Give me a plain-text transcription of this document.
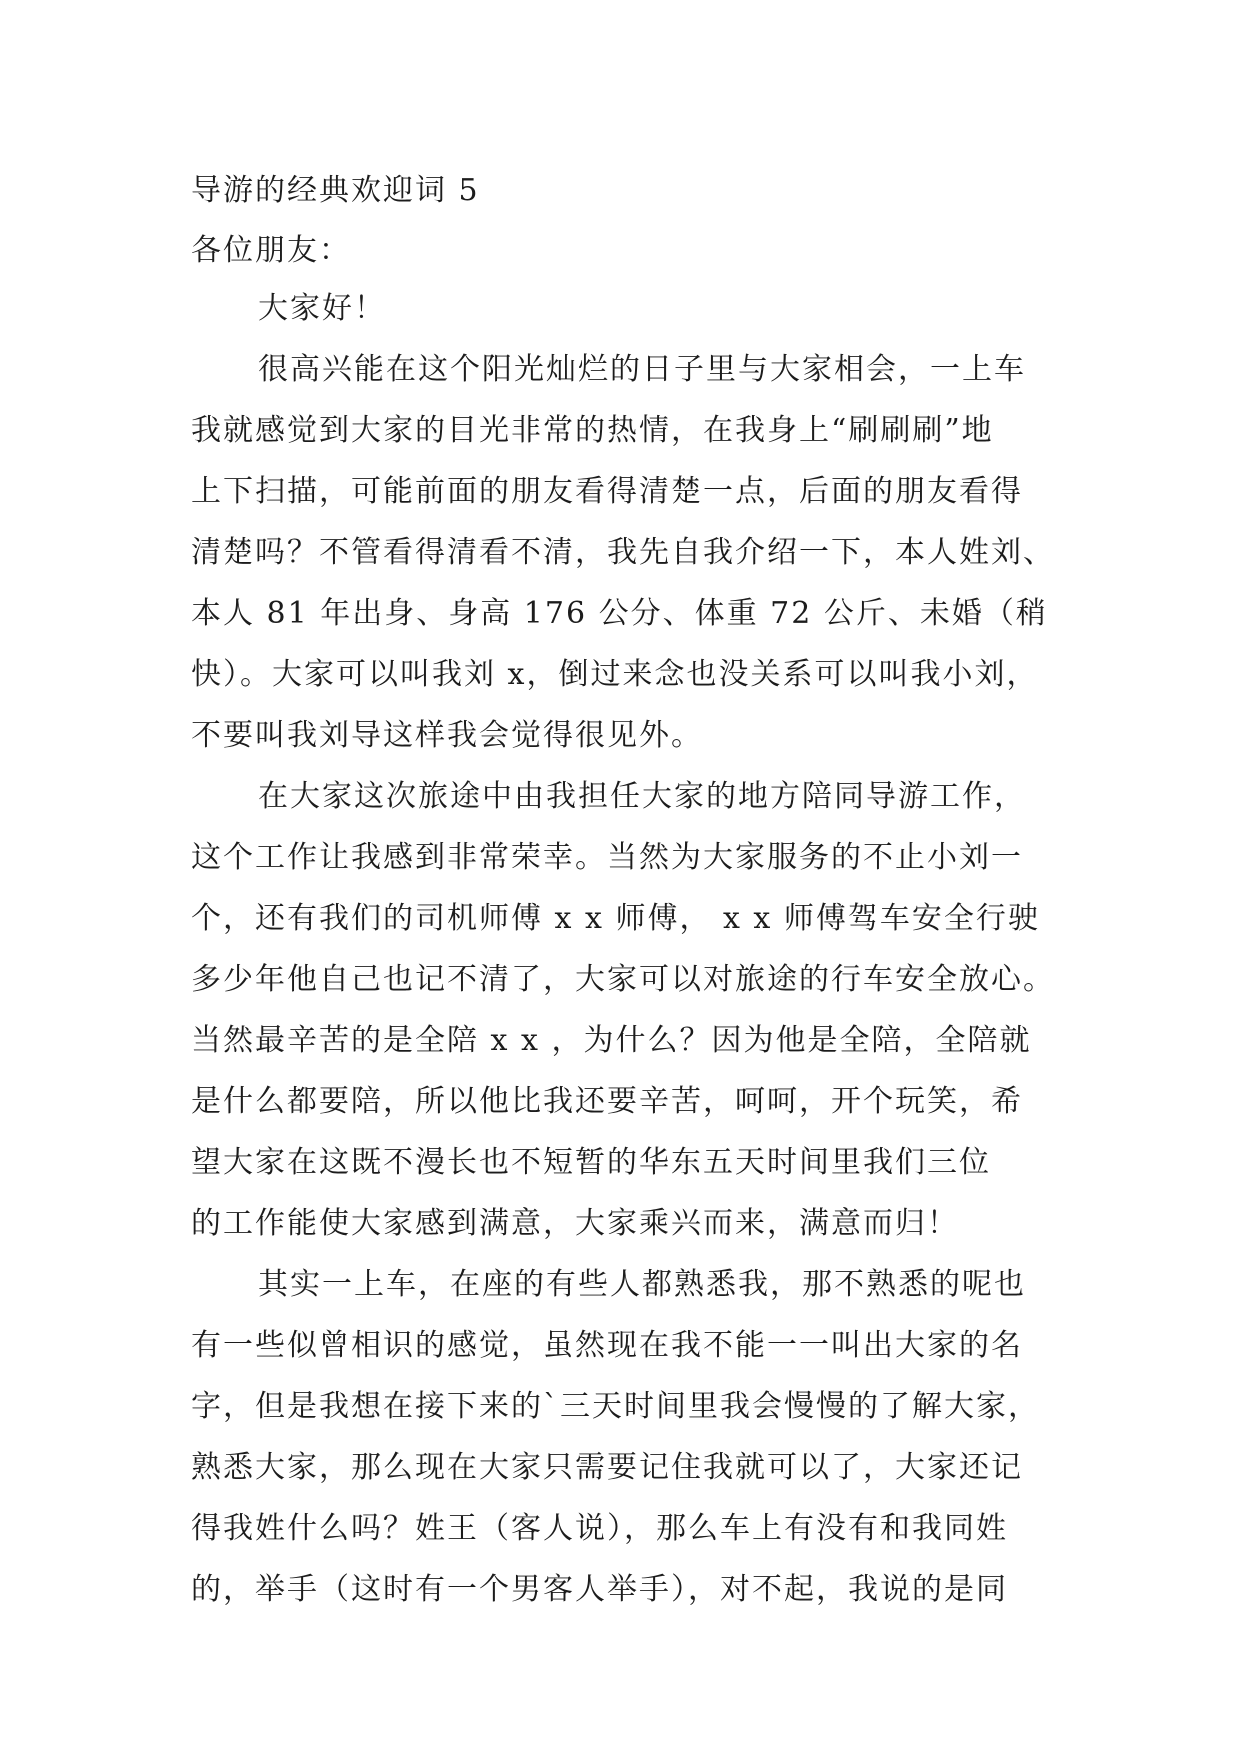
导游的经典欢迎词 5
各位朋友：
大家好！
很高兴能在这个阳光灿烂的日子里与大家相会，一上车
我就感觉到大家的目光非常的热情，在我身上“刷刷刷”地
上下扫描，可能前面的朋友看得清楚一点，后面的朋友看得
清楚吗？不管看得清看不清，我先自我介绍一下，本人姓刘、
本人 81 年出身、身高 176 公分、体重 72 公斤、未婚（稍
快）。大家可以叫我刘 x，倒过来念也没关系可以叫我小刘，
不要叫我刘导这样我会觉得很见外。
在大家这次旅途中由我担任大家的地方陪同导游工作，
这个工作让我感到非常荣幸。当然为大家服务的不止小刘一
个，还有我们的司机师傅 x x 师傅， x x 师傅驾车安全行驶
多少年他自己也记不清了，大家可以对旅途的行车安全放心。
当然最辛苦的是全陪 x x ，为什么？因为他是全陪，全陪就
是什么都要陪，所以他比我还要辛苦，呵呵，开个玩笑，希
望大家在这既不漫长也不短暂的华东五天时间里我们三位
的工作能使大家感到满意，大家乘兴而来，满意而归！
其实一上车，在座的有些人都熟悉我，那不熟悉的呢也
有一些似曾相识的感觉，虽然现在我不能一一叫出大家的名
字，但是我想在接下来的`三天时间里我会慢慢的了解大家，
熟悉大家，那么现在大家只需要记住我就可以了，大家还记
得我姓什么吗？姓王（客人说），那么车上有没有和我同姓
的，举手（这时有一个男客人举手），对不起，我说的是同
